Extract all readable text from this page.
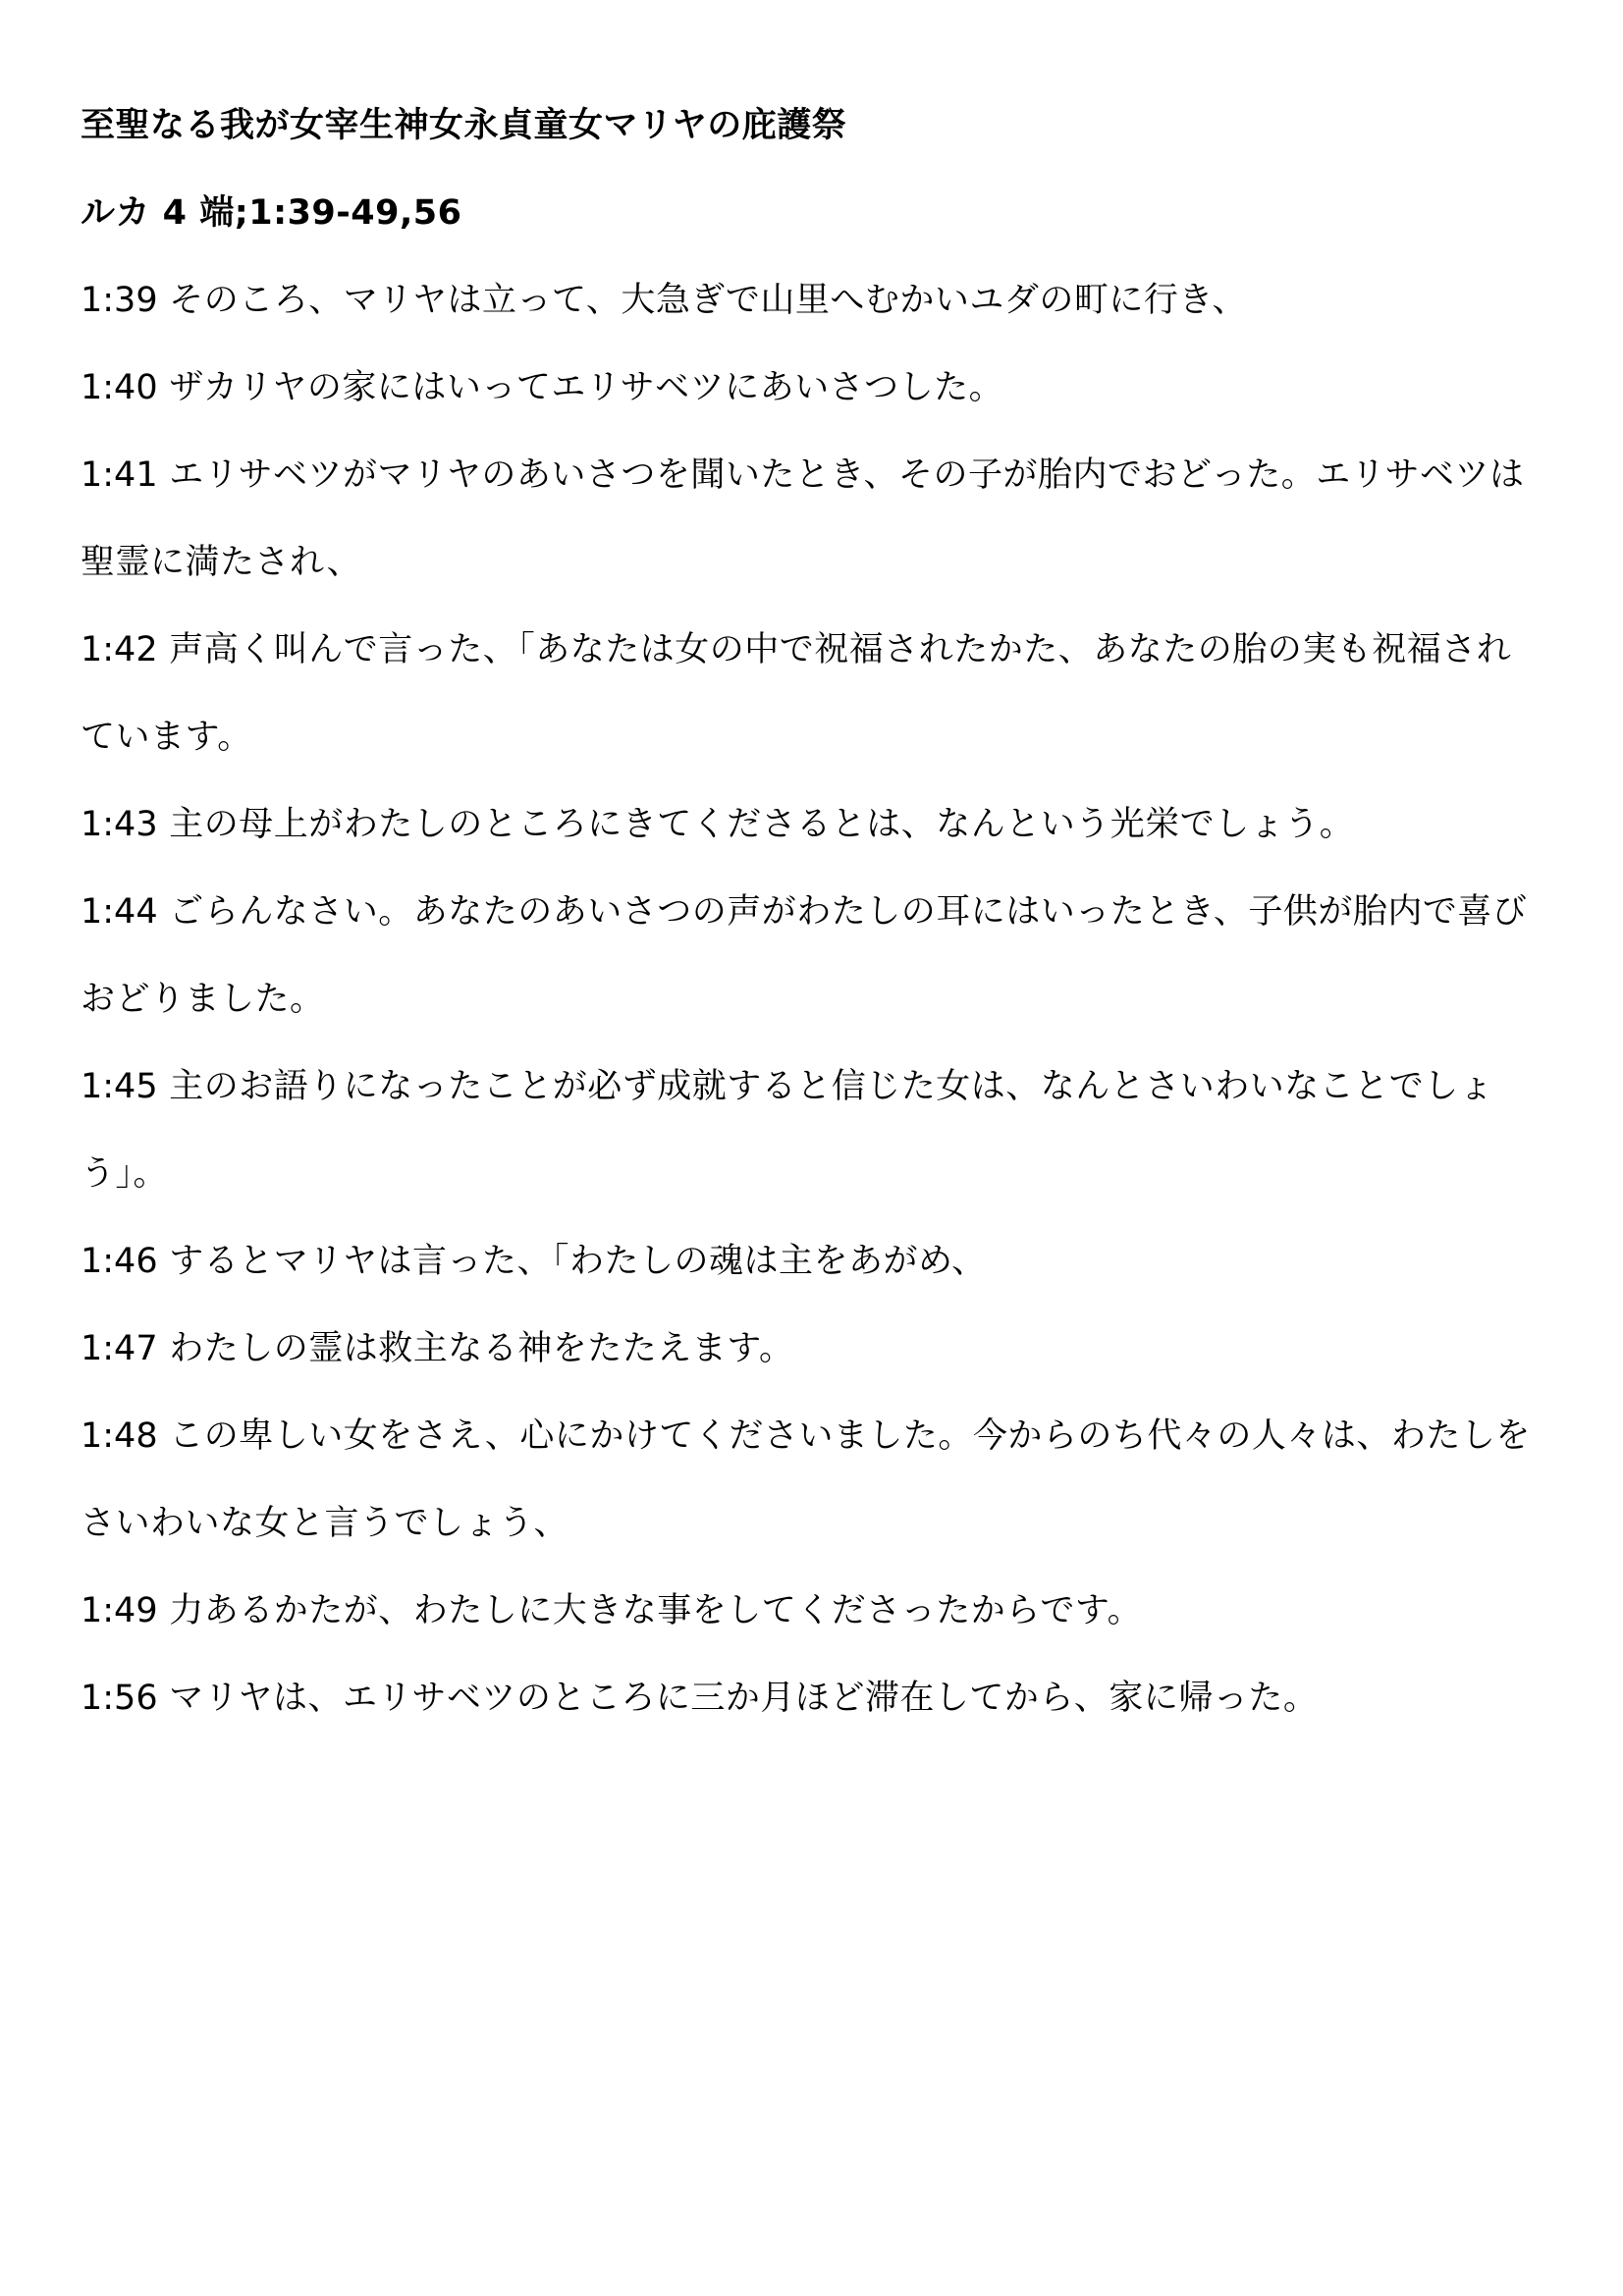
至聖なる我が女宰生神女永貞童女マリヤの庇護祭
ルカ 4 端;1:39-49,56
1:39 そのころ、マリヤは立って、大急ぎで山里へむかいユダの町に行き、
1:40 ザカリヤの家にはいってエリサベツにあいさつした。
1:41 エリサベツがマリヤのあいさつを聞いたとき、その子が胎内でおどった。エリサベツは
聖霊に満たされ、
1:42 声高く叫んで言った、「あなたは女の中で祝福されたかた、あなたの胎の実も祝福され
ています。
1:43 主の母上がわたしのところにきてくださるとは、なんという光栄でしょう。
1:44 ごらんなさい。あなたのあいさつの声がわたしの耳にはいったとき、子供が胎内で喜び
おどりました。
1:45 主のお語りになったことが必ず成就すると信じた女は、なんとさいわいなことでしょ
う」。
1:46 するとマリヤは言った、「わたしの魂は主をあがめ、
1:47 わたしの霊は救主なる神をたたえます。
1:48 この卑しい女をさえ、心にかけてくださいました。今からのち代々の人々は、わたしを
さいわいな女と言うでしょう、
1:49 力あるかたが、わたしに大きな事をしてくださったからです。
1:56 マリヤは、エリサベツのところに三か月ほど滞在してから、家に帰った。
